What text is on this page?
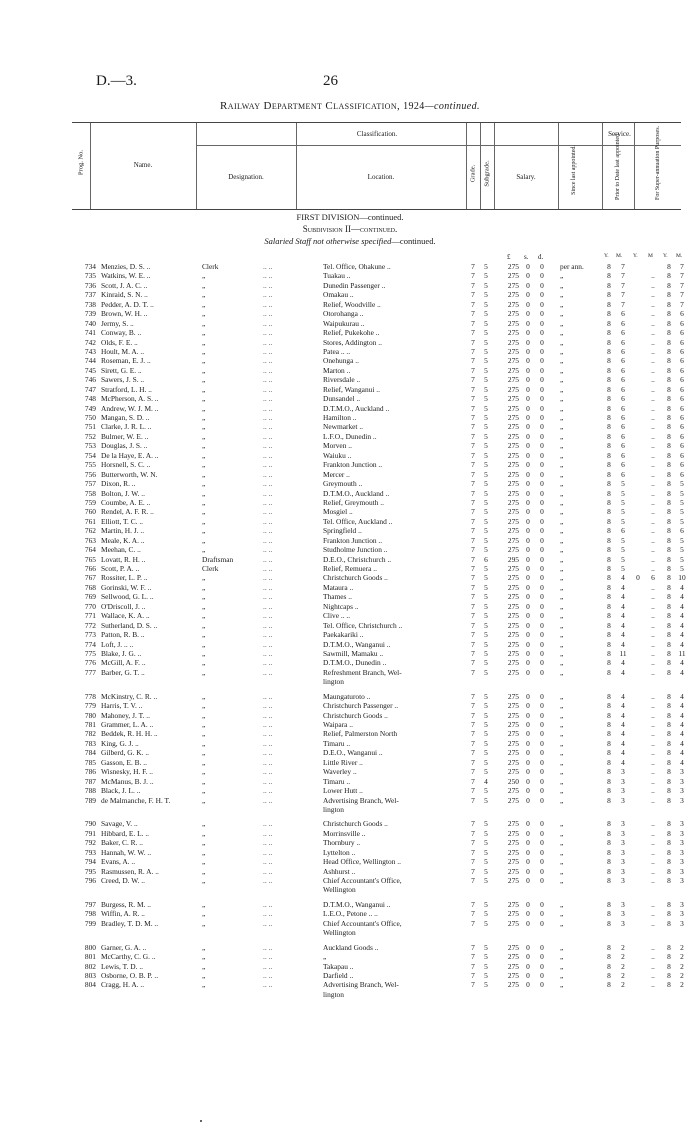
D.—3.	26
Railway Department Classification, 1924—continued.
Prog. No.	Name.
Classification.
Designation.	Location.	Grade. Subgrade.	Salary.
Service.
Since last appointed.	Prior to Date last appointed.	For Super-annuation Purposes.
FIRST DIVISION—continued.
Subdivision II—continued.
Salaried Staff not otherwise specified—continued.
£ s. d.	Y. M. Y. M Y. M.
.. ..
734 Menzies, D. S. ..	Clerk	Tel. Office, Ohakune ..	7	5	275 0 0 per ann.	8	7	8	7
.. ..
735 Watkins, W. E. ..	„	Tuakau ..	7	5	275 0 0 „	8	7	..	8	7
.. ..
736 Scott, J. A. C. ..	„	Dunedin Passenger ..	7	5	275 0 0 „	8	7	..	8	7
.. ..
737 Kinraid, S. N. ..	„	Omakau ..	7	5	275 0 0 „	8	7	..	8	7
.. ..
738 Pedder, A. D. T. ..	„	Relief, Woodville ..	7	5	275 0 0 „	8	7	..	8	7
.. ..
739 Brown, W. H. ..	„	Otorohanga ..	7	5	275 0 0 „	8	6	..	8	6
.. ..
740 Jermy, S. ..	„	Waipukurau ..	7	5	275 0 0 „	8	6	..	8	6
.. ..
741 Conway, B. ..	„	Relief, Pukekohe ..	7	5	275 0 0 „	8	6	..	8	6
.. ..
742 Olds, F. E. ..	„	Stores, Addington ..	7	5	275 0 0 „	8	6	..	8	6
.. ..
743 Hoult, M. A. ..	„	Patea .. ..	7	5	275 0 0 „	8	6	..	8	6
.. ..
744 Roseman, E. J. ..	„	Onehunga ..	7	5	275 0 0 „	8	6	..	8	6
.. ..
745 Sirett, G. E. ..	„	Marton ..	7	5	275 0 0 „	8	6	..	8	6
.. ..
746 Sawers, J. S. ..	„	Riversdale ..	7	5	275 0 0 „	8	6	..	8	6
.. ..
747 Stratford, L. H. ..	„	Relief, Wanganui ..	7	5	275 0 0 „	8	6	..	8	6
.. ..
748 McPherson, A. S. ..	„	Dunsandel ..	7	5	275 0 0 „	8	6	..	8	6
.. ..
749 Andrew, W. J. M. ..	„	D.T.M.O., Auckland ..	7	5	275 0 0 „	8	6	..	8	6
.. ..
750 Mangan, S. D. ..	„	Hamilton ..	7	5	275 0 0 „	8	6	..	8	6
.. ..
751 Clarke, J. R. L. ..	„	Newmarket ..	7	5	275 0 0 „	8	6	..	8	6
.. ..
752 Bulmer, W. E. ..	„	L.F.O., Dunedin ..	7	5	275 0 0 „	8	6	..	8	6
.. ..
753 Douglas, J. S. ..	„	Morven ..	7	5	275 0 0 „	8	6	..	8	6
.. ..
754 De la Haye, E. A. ..	„	Waiuku ..	7	5	275 0 0 „	8	6	..	8	6
.. ..
755 Horsnell, S. C. ..	„	Frankton Junction ..	7	5	275 0 0 „	8	6	..	8	6
.. ..
756 Butterworth, W. N.	„	Mercer ..	7	5	275 0 0 „	8	6	..	8	6
.. ..
757 Dixon, R. ..	„	Greymouth ..	7	5	275 0 0 „	8	5	..	8	5
.. ..
758 Bolton, J. W. ..	„	D.T.M.O., Auckland ..	7	5	275 0 0 „	8	5	..	8	5
.. ..
759 Coumbe, A. E. ..	„	Relief, Greymouth ..	7	5	275 0 0 „	8	5	..	8	5
.. ..
760 Rendel, A. F. R. ..	„	Mosgiel ..	7	5	275 0 0 „	8	5	..	8	5
.. ..
761 Elliott, T. C. ..	„	Tel. Office, Auckland ..	7	5	275 0 0 „	8	5	..	8	5
.. ..
762 Martin, H. J. ..	„	Springfield ..	7	5	275 0 0 „	8	6	..	8	6
.. ..
763 Meale, K. A. ..	„	Frankton Junction ..	7	5	275 0 0 „	8	5	..	8	5
.. ..
764 Meehan, C. ..	„	Studholme Junction ..	7	5	275 0 0 „	8	5	..	8	5
.. ..
765 Lovatt, R. H. ..	Draftsman	D.E.O., Christchurch ..	7	6	295 0 0 „	8	5	..	8	5
.. ..
766 Scott, P. A. ..	Clerk	Relief, Remuera ..	7	5	275 0 0 „	8	5	..	8	5
.. ..
767 Rossiter, L. P. ..	„	Christchurch Goods ..	7	5	275 0 0 „	8	4	0	6	8	10
.. ..
768 Gorinski, W. F. ..	„	Mataura ..	7	5	275 0 0 „	8	4	..	8	4
.. ..
769 Sellwood, G. L. ..	„	Thames ..	7	5	275 0 0 „	8	4	..	8	4
.. ..
770 O'Driscoll, J. ..	„	Nightcaps ..	7	5	275 0 0 „	8	4	..	8	4
.. ..
771 Wallace, K. A. ..	„	Clive .. ..	7	5	275 0 0 „	8	4	..	8	4
.. ..
772 Sutherland, D. S. ..	„	Tel. Office, Christchurch ..	7	5	275 0 0 „	8	4	..	8	4
.. ..
773 Patton, R. B. ..	„	Paekakariki ..	7	5	275 0 0 „	8	4	..	8	4
.. ..
774 Loft, J. .. ..	„	D.T.M.O., Wanganui ..	7	5	275 0 0 „	8	4	..	8	4
.. ..
775 Blake, J. G. ..	„	Sawmill, Mamaku ..	7	5	275 0 0 „	8	11	..	8	11
.. ..
776 McGill, A. F. ..	„	D.T.M.O., Dunedin ..	7	5	275 0 0 „	8	4	..	8	4
.. ..
777 Barber, G. T. ..	„	Refreshment Branch, Wel-	7	5	275 0 0 „	8	4	..	8	4
lington
.. ..
778 McKinstry, C. R. ..	„	Maungaturoto ..	7	5	275 0 0 „	8	4	..	8	4
.. ..
779 Harris, T. V. ..	„	Christchurch Passenger ..	7	5	275 0 0 „	8	4	..	8	4
.. ..
780 Mahoney, J. T. ..	„	Christchurch Goods ..	7	5	275 0 0 „	8	4	..	8	4
.. ..
781 Grammer, L. A. ..	„	Waipara ..	7	5	275 0 0 „	8	4	..	8	4
.. ..
782 Beddek, R. H. H. ..	„	Relief, Palmerston North	7	5	275 0 0 „	8	4	..	8	4
.. ..
783 King, G. J. ..	„	Timaru ..	7	5	275 0 0 „	8	4	..	8	4
.. ..
784 Gilberd, G. K. ..	„	D.E.O., Wanganui ..	7	5	275 0 0 „	8	4	..	8	4
.. ..
785 Gasson, E. B. ..	„	Little River ..	7	5	275 0 0 „	8	4	..	8	4
.. ..
786 Wisnesky, H. F. ..	„	Waverley ..	7	5	275 0 0 „	8	3	..	8	3
.. ..
787 McManus, B. J. ..	„	Timaru ..	7	4	250 0 0 „	8	3	..	8	3
.. ..
788 Black, J. L. ..	„	Lower Hutt ..	7	5	275 0 0 „	8	3	..	8	3
.. ..
789 de Malmanche, F. H. T.	„	Advertising Branch, Wel-	7	5	275 0 0 „	8	3	..	8	3
lington
.. ..
790 Savage, V. ..	„	Christchurch Goods ..	7	5	275 0 0 „	8	3	..	8	3
.. ..
791 Hibbard, E. L. ..	„	Morrinsville ..	7	5	275 0 0 „	8	3	..	8	3
.. ..
792 Baker, C. R. ..	„	Thornbury ..	7	5	275 0 0 „	8	3	..	8	3
.. ..
793 Hannah, W. W. ..	„	Lyttelton ..	7	5	275 0 0 „	8	3	..	8	3
.. ..
794 Evans, A. ..	„	Head Office, Wellington ..	7	5	275 0 0 „	8	3	..	8	3
.. ..
795 Rasmussen, R. A. ..	„	Ashhurst ..	7	5	275 0 0 „	8	3	..	8	3
.. ..
796 Creed, D. W. ..	„	Chief Accountant's Office,	7	5	275 0 0 „	8	3	..	8	3
Wellington
.. ..
797 Burgess, R. M. ..	„	D.T.M.O., Wanganui ..	7	5	275 0 0 „	8	3	..	8	3
.. ..
798 Wiffin, A. R. ..	„	L.E.O., Petone .. ..	7	5	275 0 0 „	8	3	..	8	3
.. ..
799 Bradley, T. D. M. ..	„	Chief Accountant's Office,	7	5	275 0 0 „	8	3	..	8	3
Wellington
.. ..
800 Garner, G. A. ..	„	Auckland Goods ..	7	5	275 0 0 „	8	2	..	8	2
.. ..
801 McCarthy, C. G. ..	„	„	7	5	275 0 0 „	8	2	..	8	2
.. ..
802 Lewis, T. D. ..	„	Takapau ..	7	5	275 0 0 „	8	2	..	8	2
.. ..
803 Osborne, O. B. P. ..	„	Darfield ..	7	5	275 0 0 „	8	2	..	8	2
.. ..
804 Cragg, H. A. ..	„	Advertising Branch, Wel-	7	5	275 0 0 „	8	2	..	8	2
lington
